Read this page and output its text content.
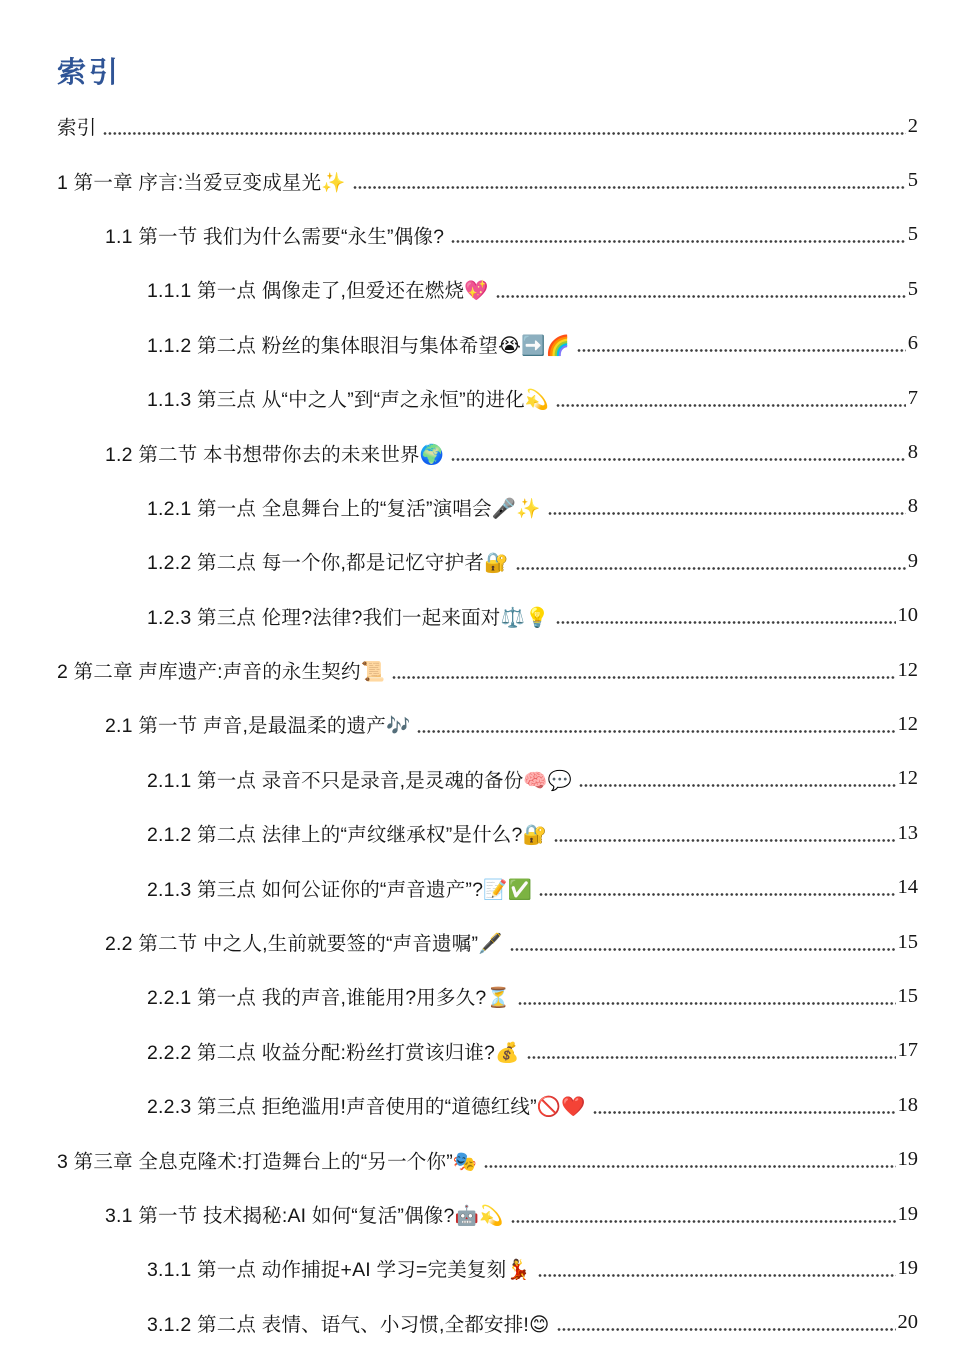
索引
索引	2
1 第一章 序言:当爱豆变成星光✨	5
1.1 第一节 我们为什么需要“永生”偶像?	5
1.1.1 第一点 偶像走了,但爱还在燃烧💖	5
1.1.2 第二点 粉丝的集体眼泪与集体希望😭➡️🌈	6
1.1.3 第三点 从“中之人”到“声之永恒”的进化💫	7
1.2 第二节 本书想带你去的未来世界🌍	8
1.2.1 第一点 全息舞台上的“复活”演唱会🎤✨	8
1.2.2 第二点 每一个你,都是记忆守护者🔐	9
1.2.3 第三点 伦理?法律?我们一起来面对⚖️💡	10
2 第二章 声库遗产:声音的永生契约📜	12
2.1 第一节 声音,是最温柔的遗产🎶	12
2.1.1 第一点 录音不只是录音,是灵魂的备份🧠💬	12
2.1.2 第二点 法律上的“声纹继承权”是什么?🔐	13
2.1.3 第三点 如何公证你的“声音遗产”?📝✅	14
2.2 第二节 中之人,生前就要签的“声音遗嘱”🖋️	15
2.2.1 第一点 我的声音,谁能用?用多久?⏳	15
2.2.2 第二点 收益分配:粉丝打赏该归谁?💰	17
2.2.3 第三点 拒绝滥用!声音使用的“道德红线”🚫❤️	18
3 第三章 全息克隆术:打造舞台上的“另一个你”🎭	19
3.1 第一节 技术揭秘:AI 如何“复活”偶像?🤖💫	19
3.1.1 第一点 动作捕捉+AI 学习=完美复刻💃	19
3.1.2 第二点 表情、语气、小习惯,全都安排!😊	20
